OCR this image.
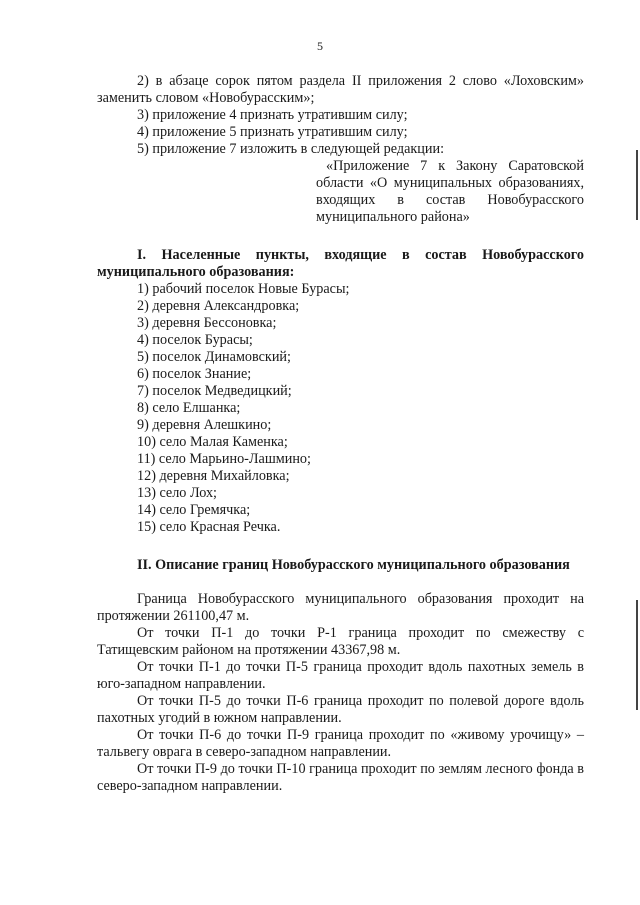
5

2) в абзаце сорок пятом раздела II приложения 2 слово «Лоховским» заменить словом «Новобурасским»;

3) приложение 4 признать утратившим силу;

4) приложение 5 признать утратившим силу;

5) приложение 7 изложить в следующей редакции:

«Приложение 7 к Закону Саратовской области «О муниципальных образованиях, входящих в состав Новобурасского муниципального района»

I. Населенные пункты, входящие в состав Новобурасского муниципального образования:

1) рабочий поселок Новые Бурасы;
2) деревня Александровка;
3) деревня Бессоновка;
4) поселок Бурасы;
5) поселок Динамовский;
6) поселок Знание;
7) поселок Медведицкий;
8) село Елшанка;
9) деревня Алешкино;
10) село Малая Каменка;
11) село Марьино-Лашмино;
12) деревня Михайловка;
13) село Лох;
14) село Гремячка;
15) село Красная Речка.

II. Описание границ Новобурасского муниципального образования

Граница Новобурасского муниципального образования проходит на протяжении 261100,47 м.

От точки П-1 до точки Р-1 граница проходит по смежеству с Татищевским районом на протяжении 43367,98 м.

От точки П-1 до точки П-5 граница проходит вдоль пахотных земель в юго-западном направлении.

От точки П-5 до точки П-6 граница проходит по полевой дороге вдоль пахотных угодий в южном направлении.

От точки П-6 до точки П-9 граница проходит по «живому урочищу» – тальвегу оврага в северо-западном направлении.

От точки П-9 до точки П-10 граница проходит по землям лесного фонда в северо-западном направлении.
